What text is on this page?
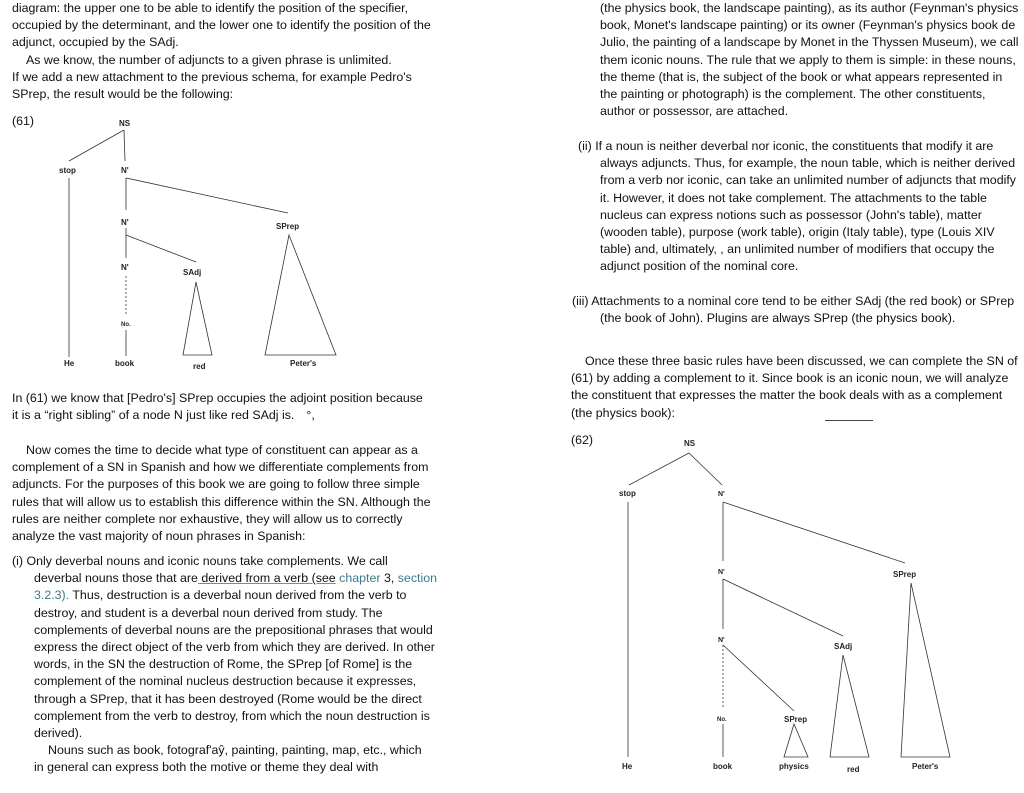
diagram: the upper one to be able to identify the position of the specifier,

occupied by the determinant, and the lower one to identify the position of the

adjunct, occupied by the SAdj.

As we know, the number of adjuncts to a given phrase is unlimited.

If we add a new attachment to the previous schema, for example Pedro's

SPrep, the result would be the following:

(61)	NS
stop	N'
N'	SPrep
N'
SAdj
No.
He	book	red	Peter's

In (61) we know that [Pedro's] SPrep occupies the adjoint position because

it is a “right sibling” of a node N just like red SAdj is. °,

Now comes the time to decide what type of constituent can appear as a

complement of a SN in Spanish and how we differentiate complements from

adjuncts. For the purposes of this book we are going to follow three simple

rules that will allow us to establish this difference within the SN. Although the

rules are neither complete nor exhaustive, they will allow us to correctly

analyze the vast majority of noun phrases in Spanish:

(i) Only deverbal nouns and iconic nouns take complements. We call

deverbal nouns those that are derived from a verb (see chapter 3, section

3.2.3). Thus, destruction is a deverbal noun derived from the verb to

destroy, and student is a deverbal noun derived from study. The

complements of deverbal nouns are the prepositional phrases that would

express the direct object of the verb from which they are derived. In other

words, in the SN the destruction of Rome, the SPrep [of Rome] is the

complement of the nominal nucleus destruction because it expresses,

through a SPrep, that it has been destroyed (Rome would be the direct

complement from the verb to destroy, from which the noun destruction is

derived).

Nouns such as book, fotograf'aŷ, painting, painting, map, etc., which

in general can express both the motive or theme they deal with

(the physics book, the landscape painting), as its author (Feynman's physics

book, Monet's landscape painting) or its owner (Feynman's physics book de

Julio, the painting of a landscape by Monet in the Thyssen Museum), we call

them iconic nouns. The rule that we apply to them is simple: in these nouns,

the theme (that is, the subject of the book or what appears represented in

the painting or photograph) is the complement. The other constituents,

author or possessor, are attached.

(ii) If a noun is neither deverbal nor iconic, the constituents that modify it are

always adjuncts. Thus, for example, the noun table, which is neither derived

from a verb nor iconic, can take an unlimited number of adjuncts that modify

it. However, it does not take complement. The attachments to the table

nucleus can express notions such as possessor (John's table), matter

(wooden table), purpose (work table), origin (Italy table), type (Louis XIV

table) and, ultimately, , an unlimited number of modifiers that occupy the

adjunct position of the nominal core.

(iii) Attachments to a nominal core tend to be either SAdj (the red book) or SPrep

(the book of John). Plugins are always SPrep (the physics book).

Once these three basic rules have been discussed, we can complete the SN of

(61) by adding a complement to it. Since book is an iconic noun, we will analyze

the constituent that expresses the matter the book deals with as a complement

(the physics book):

(62)	NS
stop	N'
N'	SPrep
N'
SAdj
No.	SPrep
He	book	physics	red	Peter's
